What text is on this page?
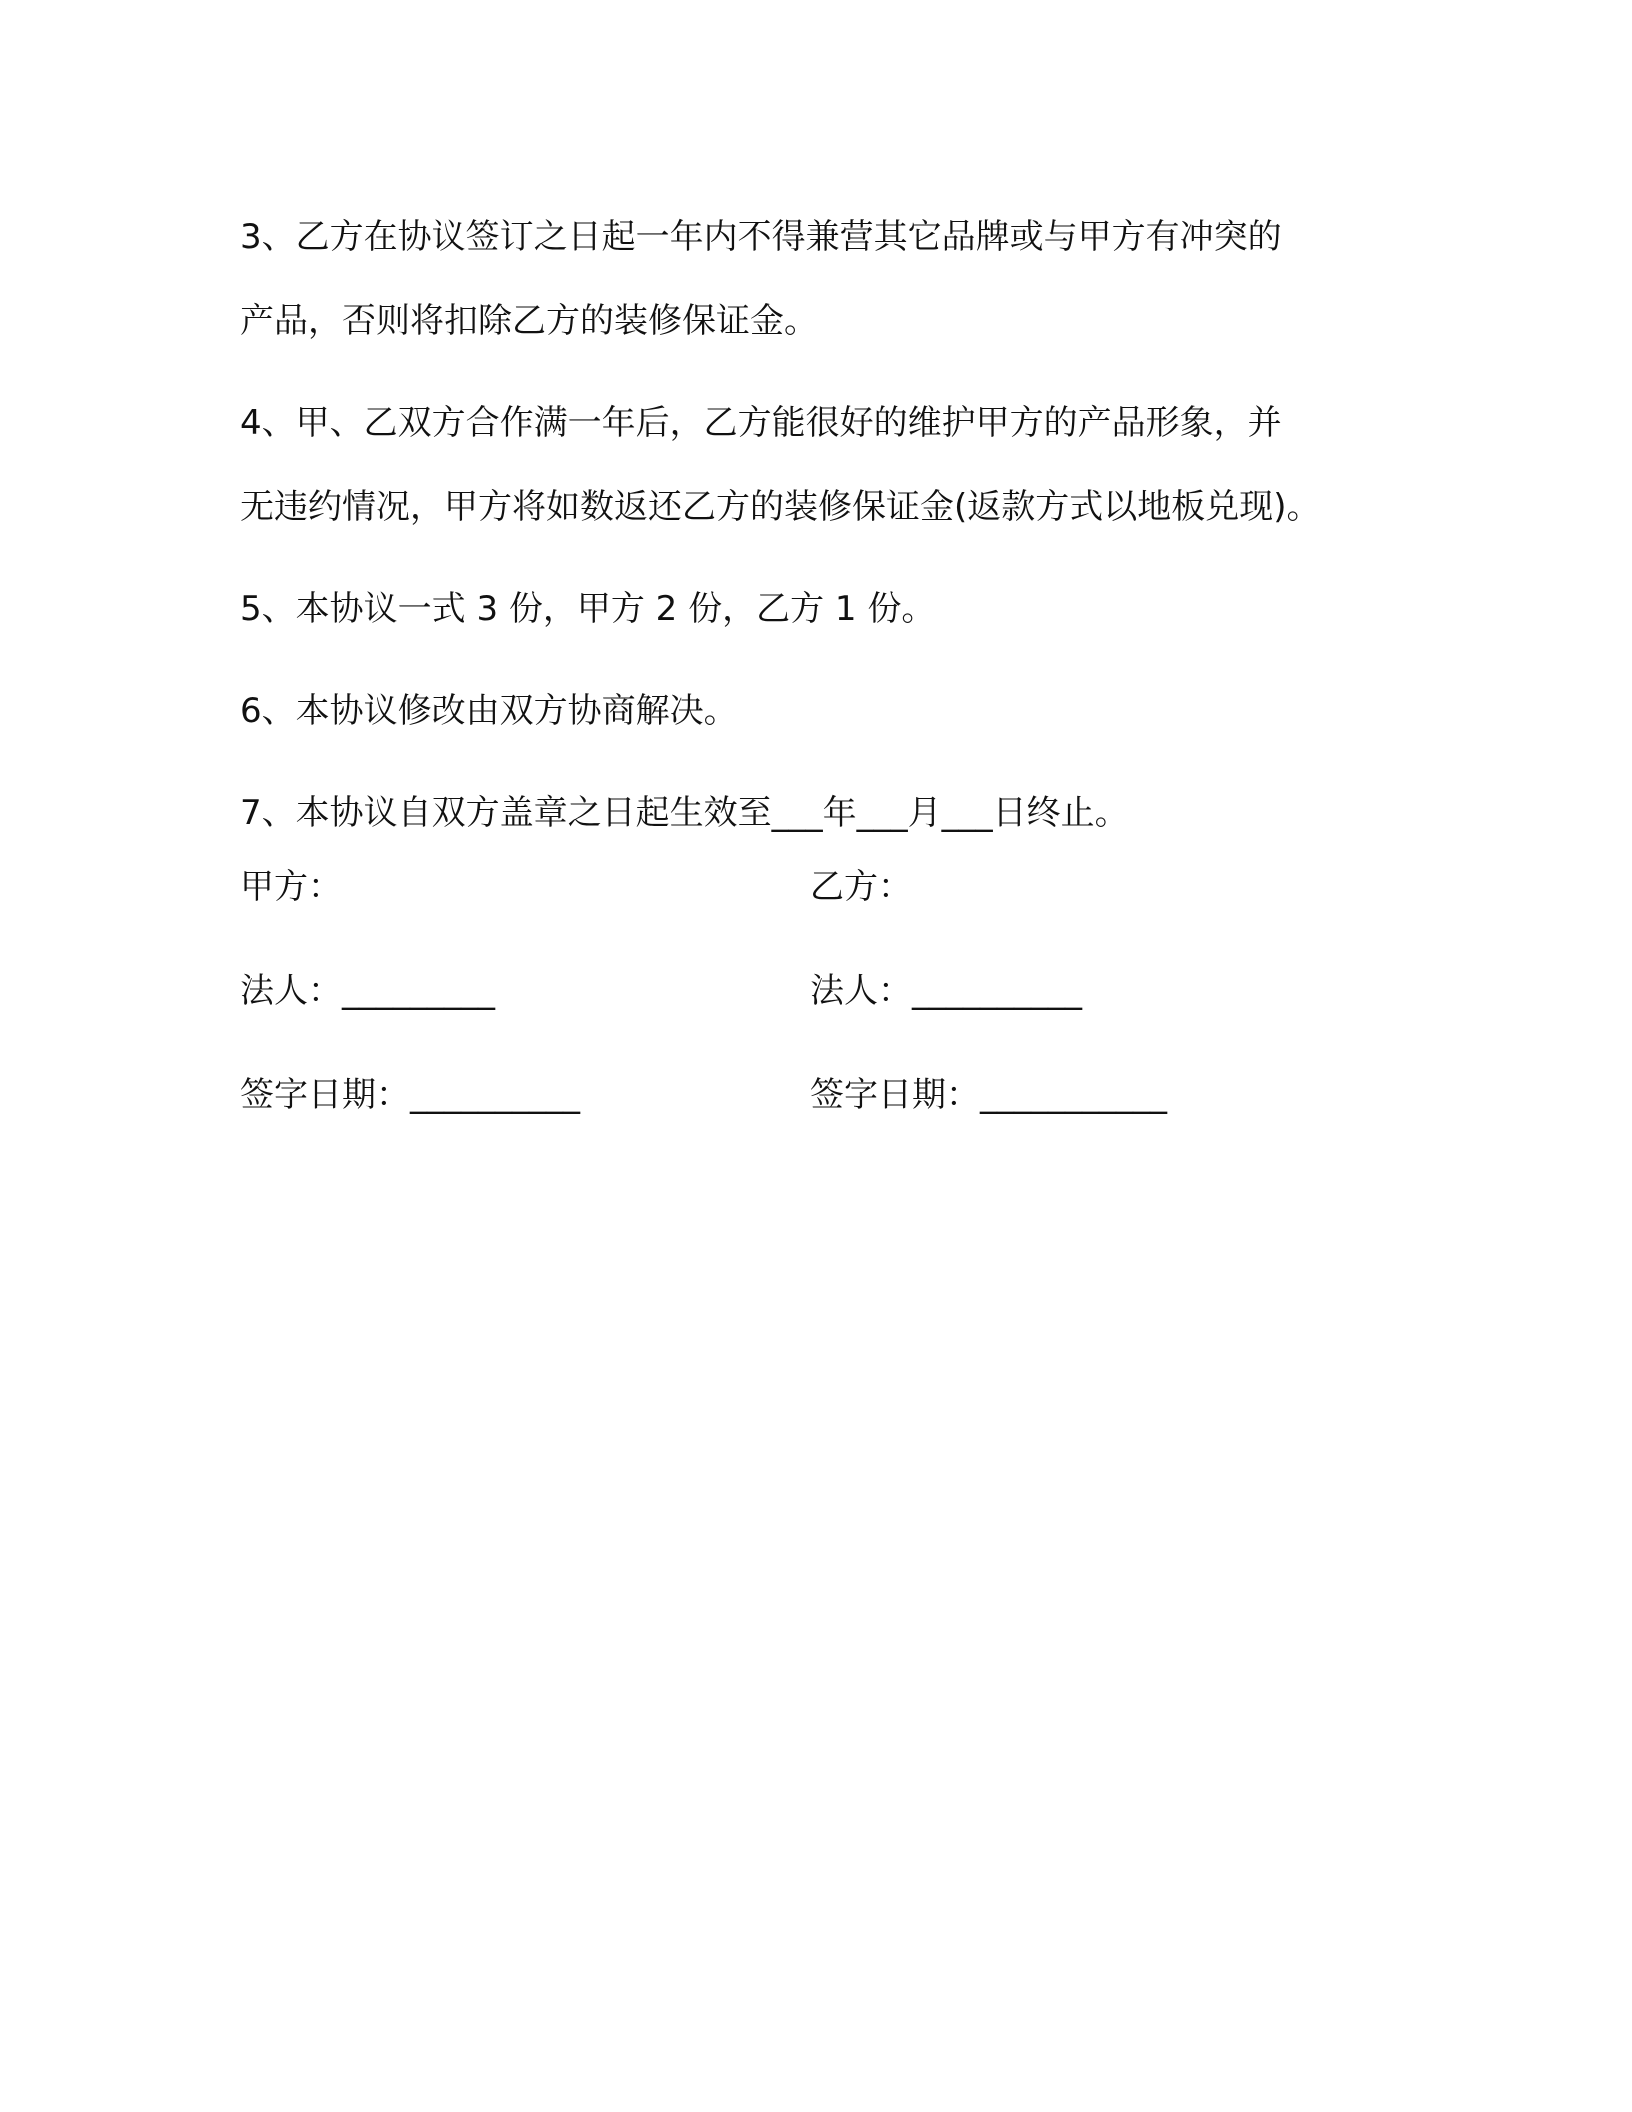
3、乙方在协议签订之日起一年内不得兼营其它品牌或与甲方有冲突的
产品，否则将扣除乙方的装修保证金。

4、甲、乙双方合作满一年后，乙方能很好的维护甲方的产品形象，并
无违约情况，甲方将如数返还乙方的装修保证金(返款方式以地板兑现)。

5、本协议一式 3 份，甲方 2 份，乙方 1 份。

6、本协议修改由双方协商解决。

7、本协议自双方盖章之日起生效至___年___月___日终止。

甲方：	乙方：
法人：_________	法人：__________
签字日期：__________	签字日期：___________
